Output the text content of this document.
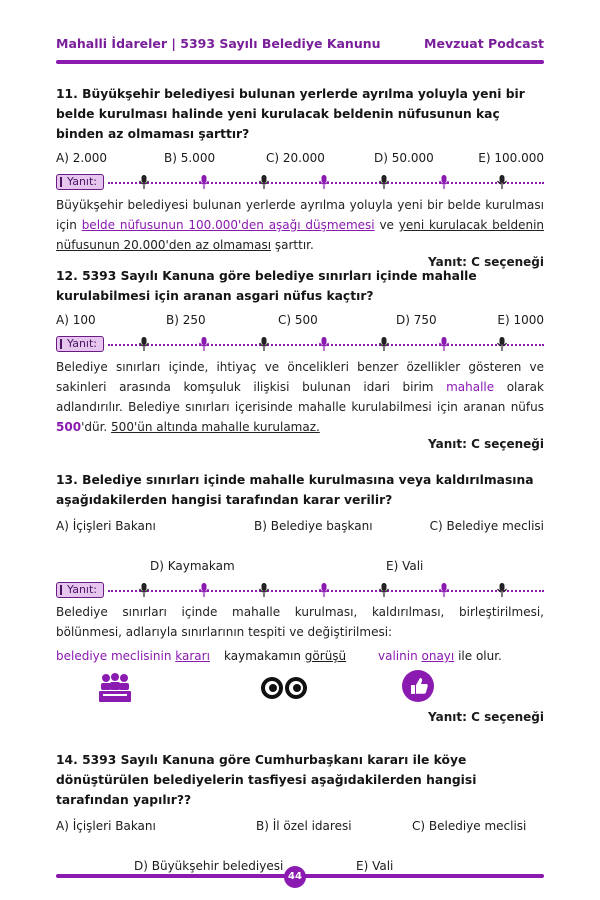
Mahalli İdareler | 5393 Sayılı Belediye Kanunu	Mevzuat Podcast
11. Büyükşehir belediyesi bulunan yerlerde ayrılma yoluyla yeni bir belde kurulması halinde yeni kurulacak beldenin nüfusunun kaç binden az olmaması şarttır?
A) 2.000	B) 5.000	C) 20.000	D) 50.000	E) 100.000
Yanıt:
Büyükşehir belediyesi bulunan yerlerde ayrılma yoluyla yeni bir belde kurulması için belde nüfusunun 100.000'den aşağı düşmemesi ve yeni kurulacak beldenin nüfusunun 20.000'den az olmaması şarttır.
Yanıt: C seçeneği
12. 5393 Sayılı Kanuna göre belediye sınırları içinde mahalle kurulabilmesi için aranan asgari nüfus kaçtır?
A) 100	B) 250	C) 500	D) 750	E) 1000
Yanıt:
Belediye sınırları içinde, ihtiyaç ve öncelikleri benzer özellikler gösteren ve sakinleri arasında komşuluk ilişkisi bulunan idari birim mahalle olarak adlandırılır. Belediye sınırları içerisinde mahalle kurulabilmesi için aranan nüfus 500'dür. 500'ün altında mahalle kurulamaz.
Yanıt: C seçeneği
13. Belediye sınırları içinde mahalle kurulmasına veya kaldırılmasına aşağıdakilerden hangisi tarafından karar verilir?
A) İçişleri Bakanı	B) Belediye başkanı	C) Belediye meclisi
D) Kaymakam	E) Vali
Yanıt:
Belediye sınırları içinde mahalle kurulması, kaldırılması, birleştirilmesi, bölünmesi, adlarıyla sınırlarının tespiti ve değiştirilmesi:
belediye meclisinin kararı kaymakamın görüşü	valinin onayı ile olur.
Yanıt: C seçeneği
14. 5393 Sayılı Kanuna göre Cumhurbaşkanı kararı ile köye dönüştürülen belediyelerin tasfiyesi aşağıdakilerden hangisi tarafından yapılır??
A) İçişleri Bakanı	B) İl özel idaresi	C) Belediye meclisi
D) Büyükşehir belediyesi	E) Vali
44
